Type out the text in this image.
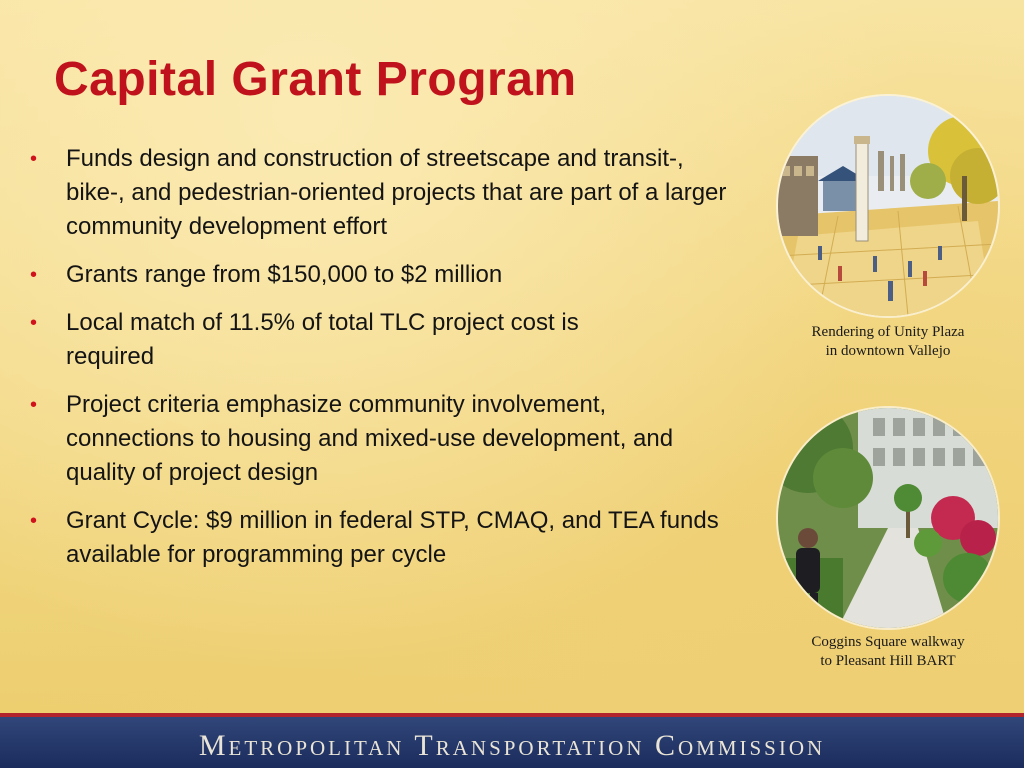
Capital Grant Program
• Funds design and construction of streetscape and transit-, bike-, and pedestrian-oriented projects that are part of a larger community development effort
• Grants range from $150,000 to $2 million
• Local match of 11.5% of total TLC project cost is required
• Project criteria emphasize community involvement, connections to housing and mixed-use development, and quality of project design
• Grant Cycle: $9 million in federal STP, CMAQ, and TEA funds available for programming per cycle
Rendering of Unity Plaza
in downtown Vallejo
Coggins Square walkway
to Pleasant Hill BART
Metropolitan Transportation Commission
